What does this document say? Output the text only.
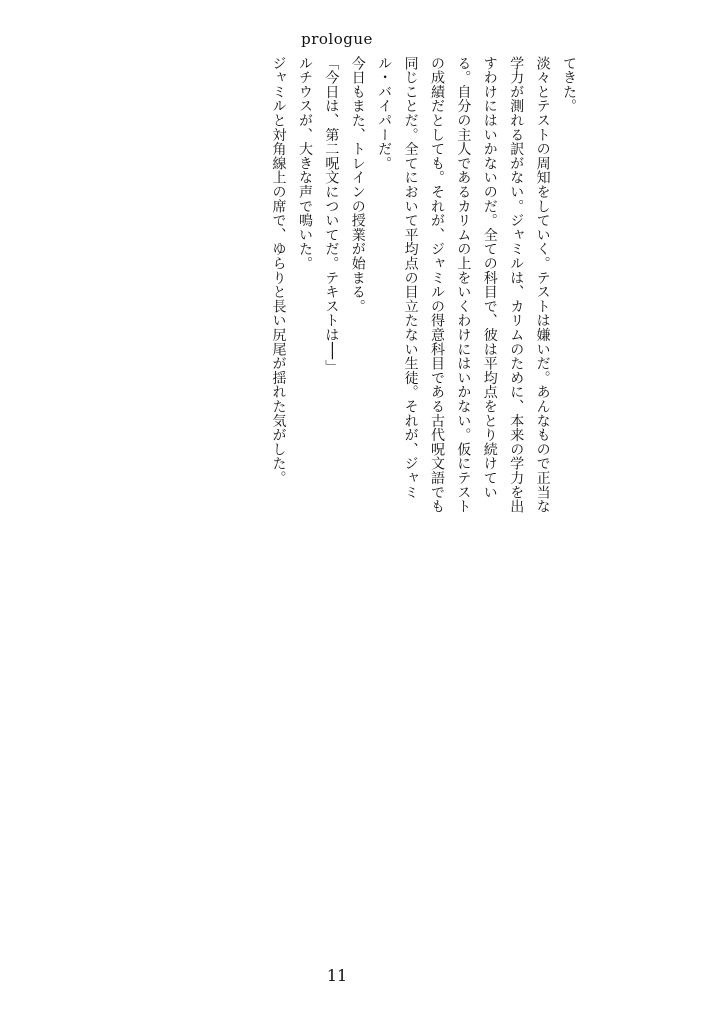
prologue

てきた。

淡々とテストの周知をしていく。テストは嫌いだ。あんなもので正当な学力が測れる訳がない。ジャミルは、カリムのために、本来の学力を出すわけにはいかないのだ。全ての科目で、彼は平均点をとり続けている。自分の主人であるカリムの上をいくわけにはいかない。仮にテストの成績だとしても。それが、ジャミルの得意科目である古代呪文語でも同じことだ。全てにおいて平均点の目立たない生徒。それが、ジャミル・バイパーだ。

今日もまた、トレインの授業が始まる。

「今日は、第二呪文についてだ。テキストは──」

ルチウスが、大きな声で鳴いた。

ジャミルと対角線上の席で、ゆらりと長い尻尾が揺れた気がした。

11
